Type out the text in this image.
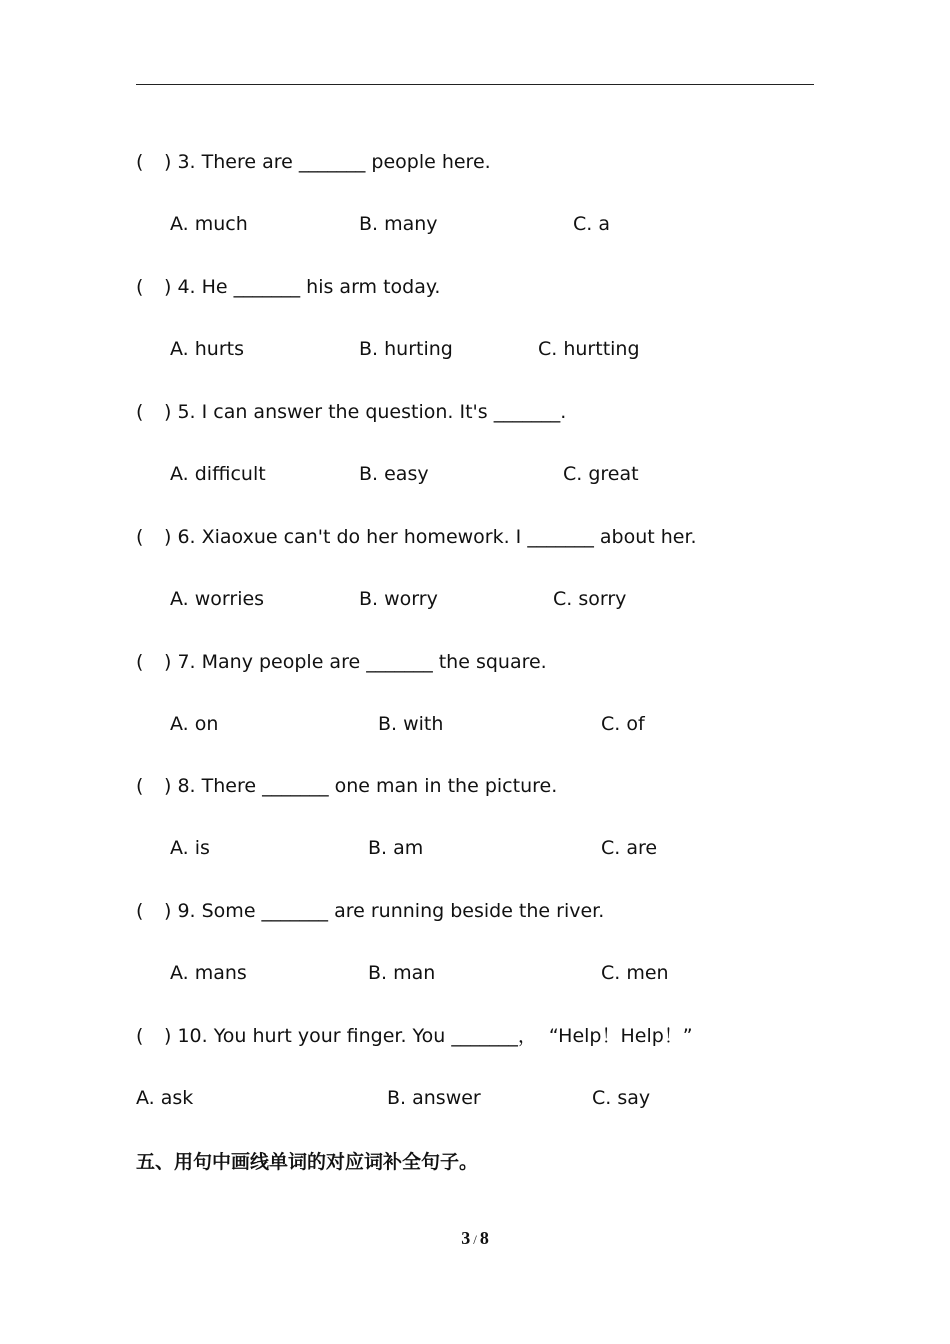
( ) 3. There are _______ people here.
A. much	B. many	C. a
( ) 4. He _______ his arm today.
A. hurts	B. hurting	C. hurtting
( ) 5. I can answer the question. It's _______.
A. difficult	B. easy	C. great
( ) 6. Xiaoxue can't do her homework. I _______ about her.
A. worries	B. worry	C. sorry
( ) 7. Many people are _______ the square.
A. on	B. with	C. of
( ) 8. There _______ one man in the picture.
A. is	B. am	C. are
( ) 9. Some _______ are running beside the river.
A. mans	B. man	C. men
( ) 10. You hurt your finger. You _______，  “Help！Help！”
A. ask	B. answer	C. say
五、用句中画线单词的对应词补全句子。
3 / 8
